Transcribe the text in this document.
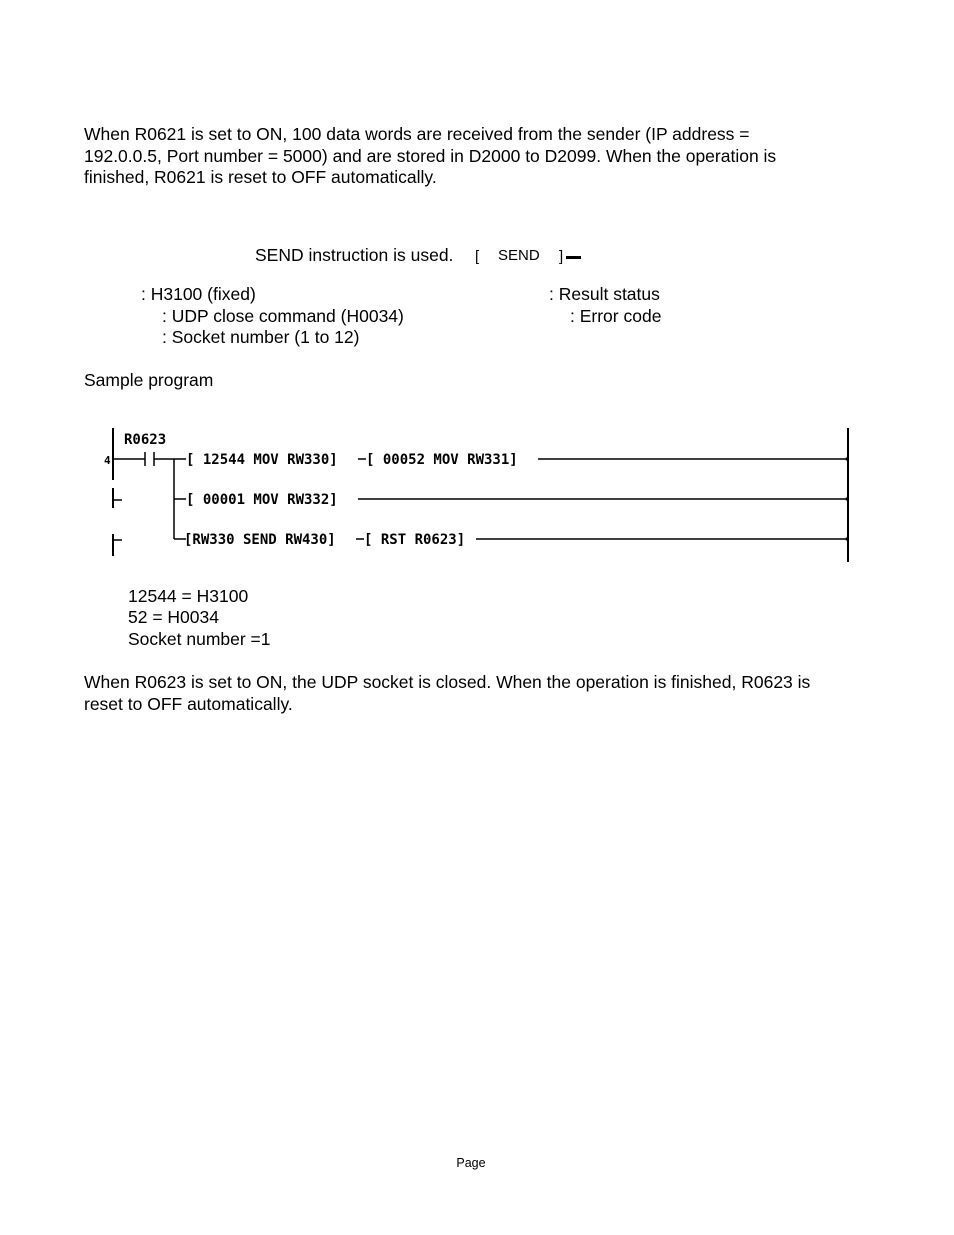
When R0621 is set to ON, 100 data words are received from the sender (IP address =
192.0.0.5, Port number = 5000) and are stored in D2000 to D2099. When the operation is
finished, R0621 is reset to OFF automatically.
SEND instruction is used. [ SEND ]
: H3100 (fixed)
: UDP close command (H0034)
: Socket number (1 to 12)
: Result status
: Error code
Sample program
R0623
4	[ 12544 MOV RW330] [ 00052 MOV RW331]
[ 00001 MOV RW332]
[RW330 SEND RW430] [ RST R0623]
12544 = H3100
52 = H0034
Socket number =1
When R0623 is set to ON, the UDP socket is closed. When the operation is finished, R0623 is
reset to OFF automatically.
Page
